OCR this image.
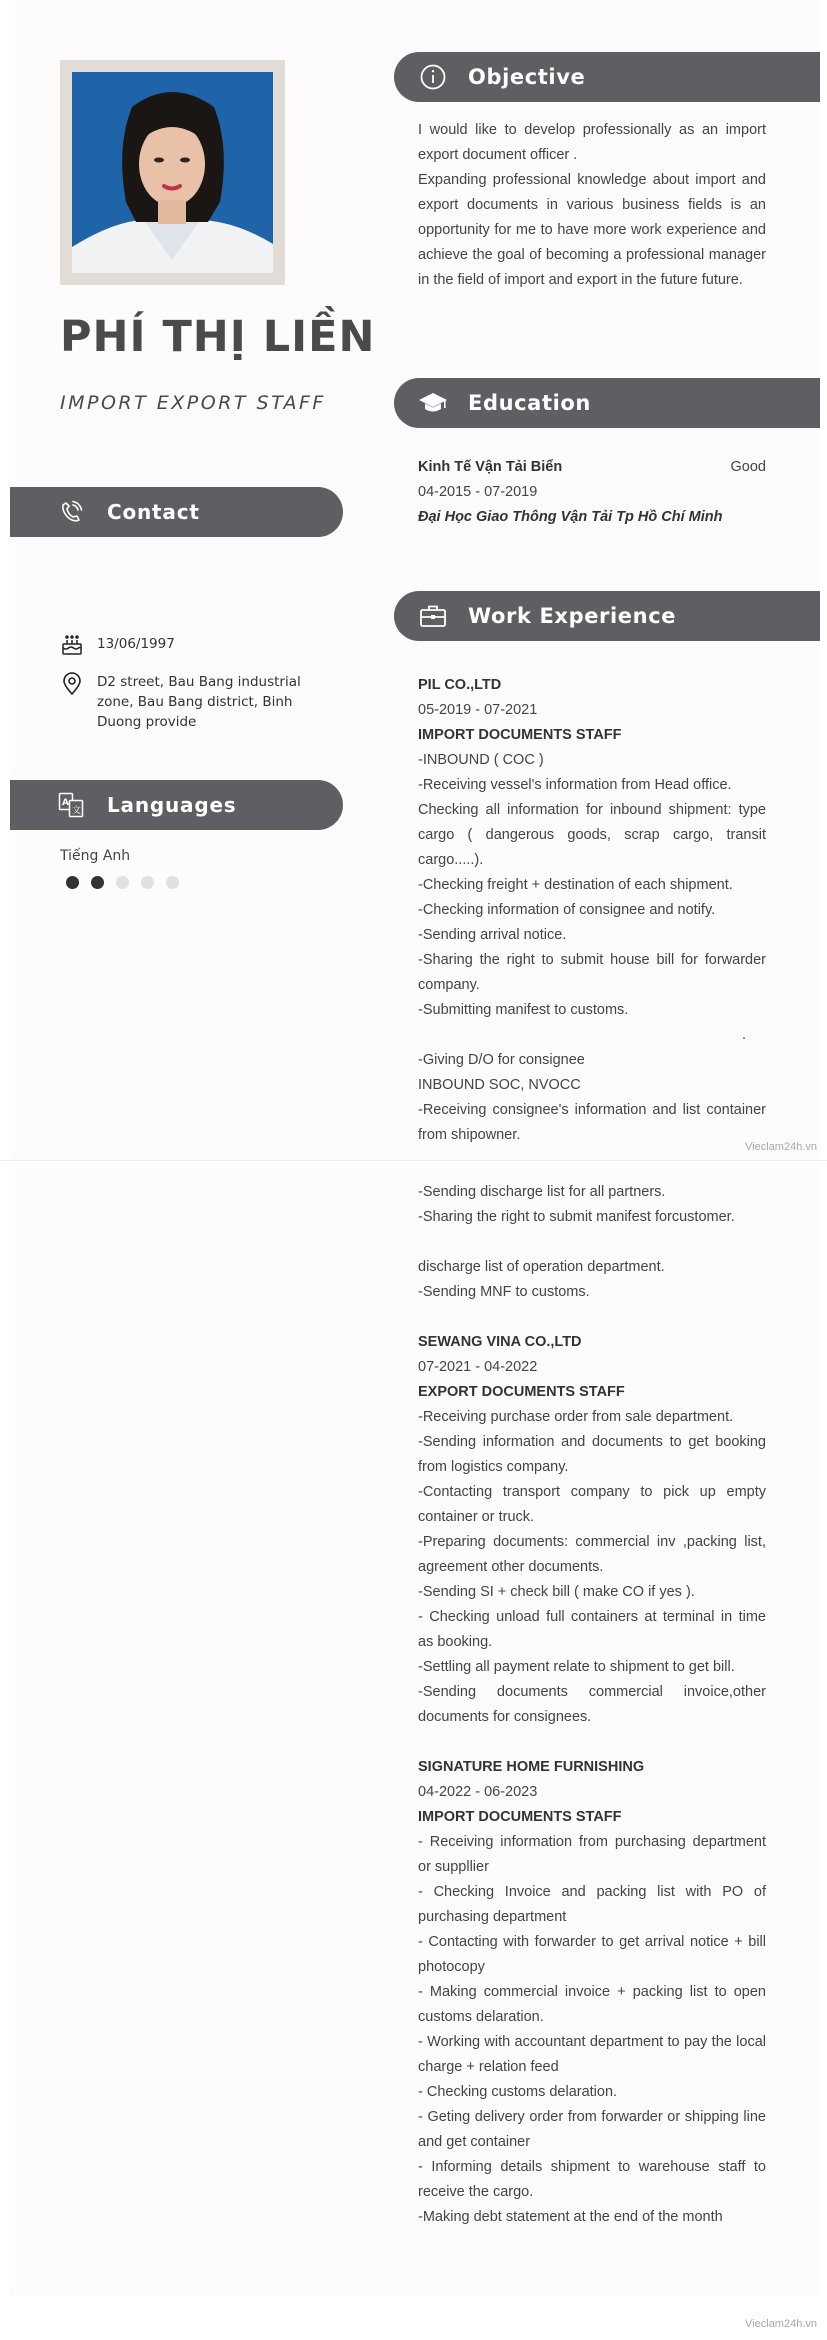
PHÍ THỊ LIỀN
IMPORT EXPORT STAFF
Contact
13/06/1997
D2 street, Bau Bang industrial zone, Bau Bang district, Binh Duong provide
A
文 Languages
Tiếng Anh
Objective
I would like to develop professionally as an import export document officer .
Expanding professional knowledge about import and export documents in various business fields is an opportunity for me to have more work experience and achieve the goal of becoming a professional manager in the field of import and export in the future future.
Education
Kinh Tế Vận Tải Biển	Good
04-2015 - 07-2019
Đại Học Giao Thông Vận Tải Tp Hồ Chí Minh
Work Experience
PIL CO.,LTD
05-2019 - 07-2021
IMPORT DOCUMENTS STAFF
-INBOUND ( COC )
-Receiving vessel's information from Head office.
Checking all information for inbound shipment: type cargo ( dangerous goods, scrap cargo, transit cargo.....).
-Checking freight + destination of each shipment.
-Checking information of consignee and notify.
-Sending arrival notice.
-Sharing the right to submit house bill for forwarder company.
-Submitting manifest to customs.
.
-Giving D/O for consignee
INBOUND SOC, NVOCC
-Receiving consignee's information and list container from shipowner.
Vieclam24h.vn
-Sending discharge list for all partners.
-Sharing the right to submit manifest forcustomer.
discharge list of operation department.
-Sending MNF to customs.
SEWANG VINA CO.,LTD
07-2021 - 04-2022
EXPORT DOCUMENTS STAFF
-Receiving purchase order from sale department.
-Sending information and documents to get booking from logistics company.
-Contacting transport company to pick up empty container or truck.
-Preparing documents: commercial inv ,packing list, agreement other documents.
-Sending SI + check bill ( make CO if yes ).
- Checking unload full containers at terminal in time as booking.
-Settling all payment relate to shipment to get bill.
-Sending documents commercial invoice,other documents for consignees.
SIGNATURE HOME FURNISHING
04-2022 - 06-2023
IMPORT DOCUMENTS STAFF
- Receiving information from purchasing department or suppllier
- Checking Invoice and packing list with PO of purchasing department
- Contacting with forwarder to get arrival notice + bill photocopy
- Making commercial invoice + packing list to open customs delaration.
- Working with accountant department to pay the local charge + relation feed
- Checking customs delaration.
- Geting delivery order from forwarder or shipping line and get container
- Informing details shipment to warehouse staff to receive the cargo.
-Making debt statement at the end of the month
Vieclam24h.vn
